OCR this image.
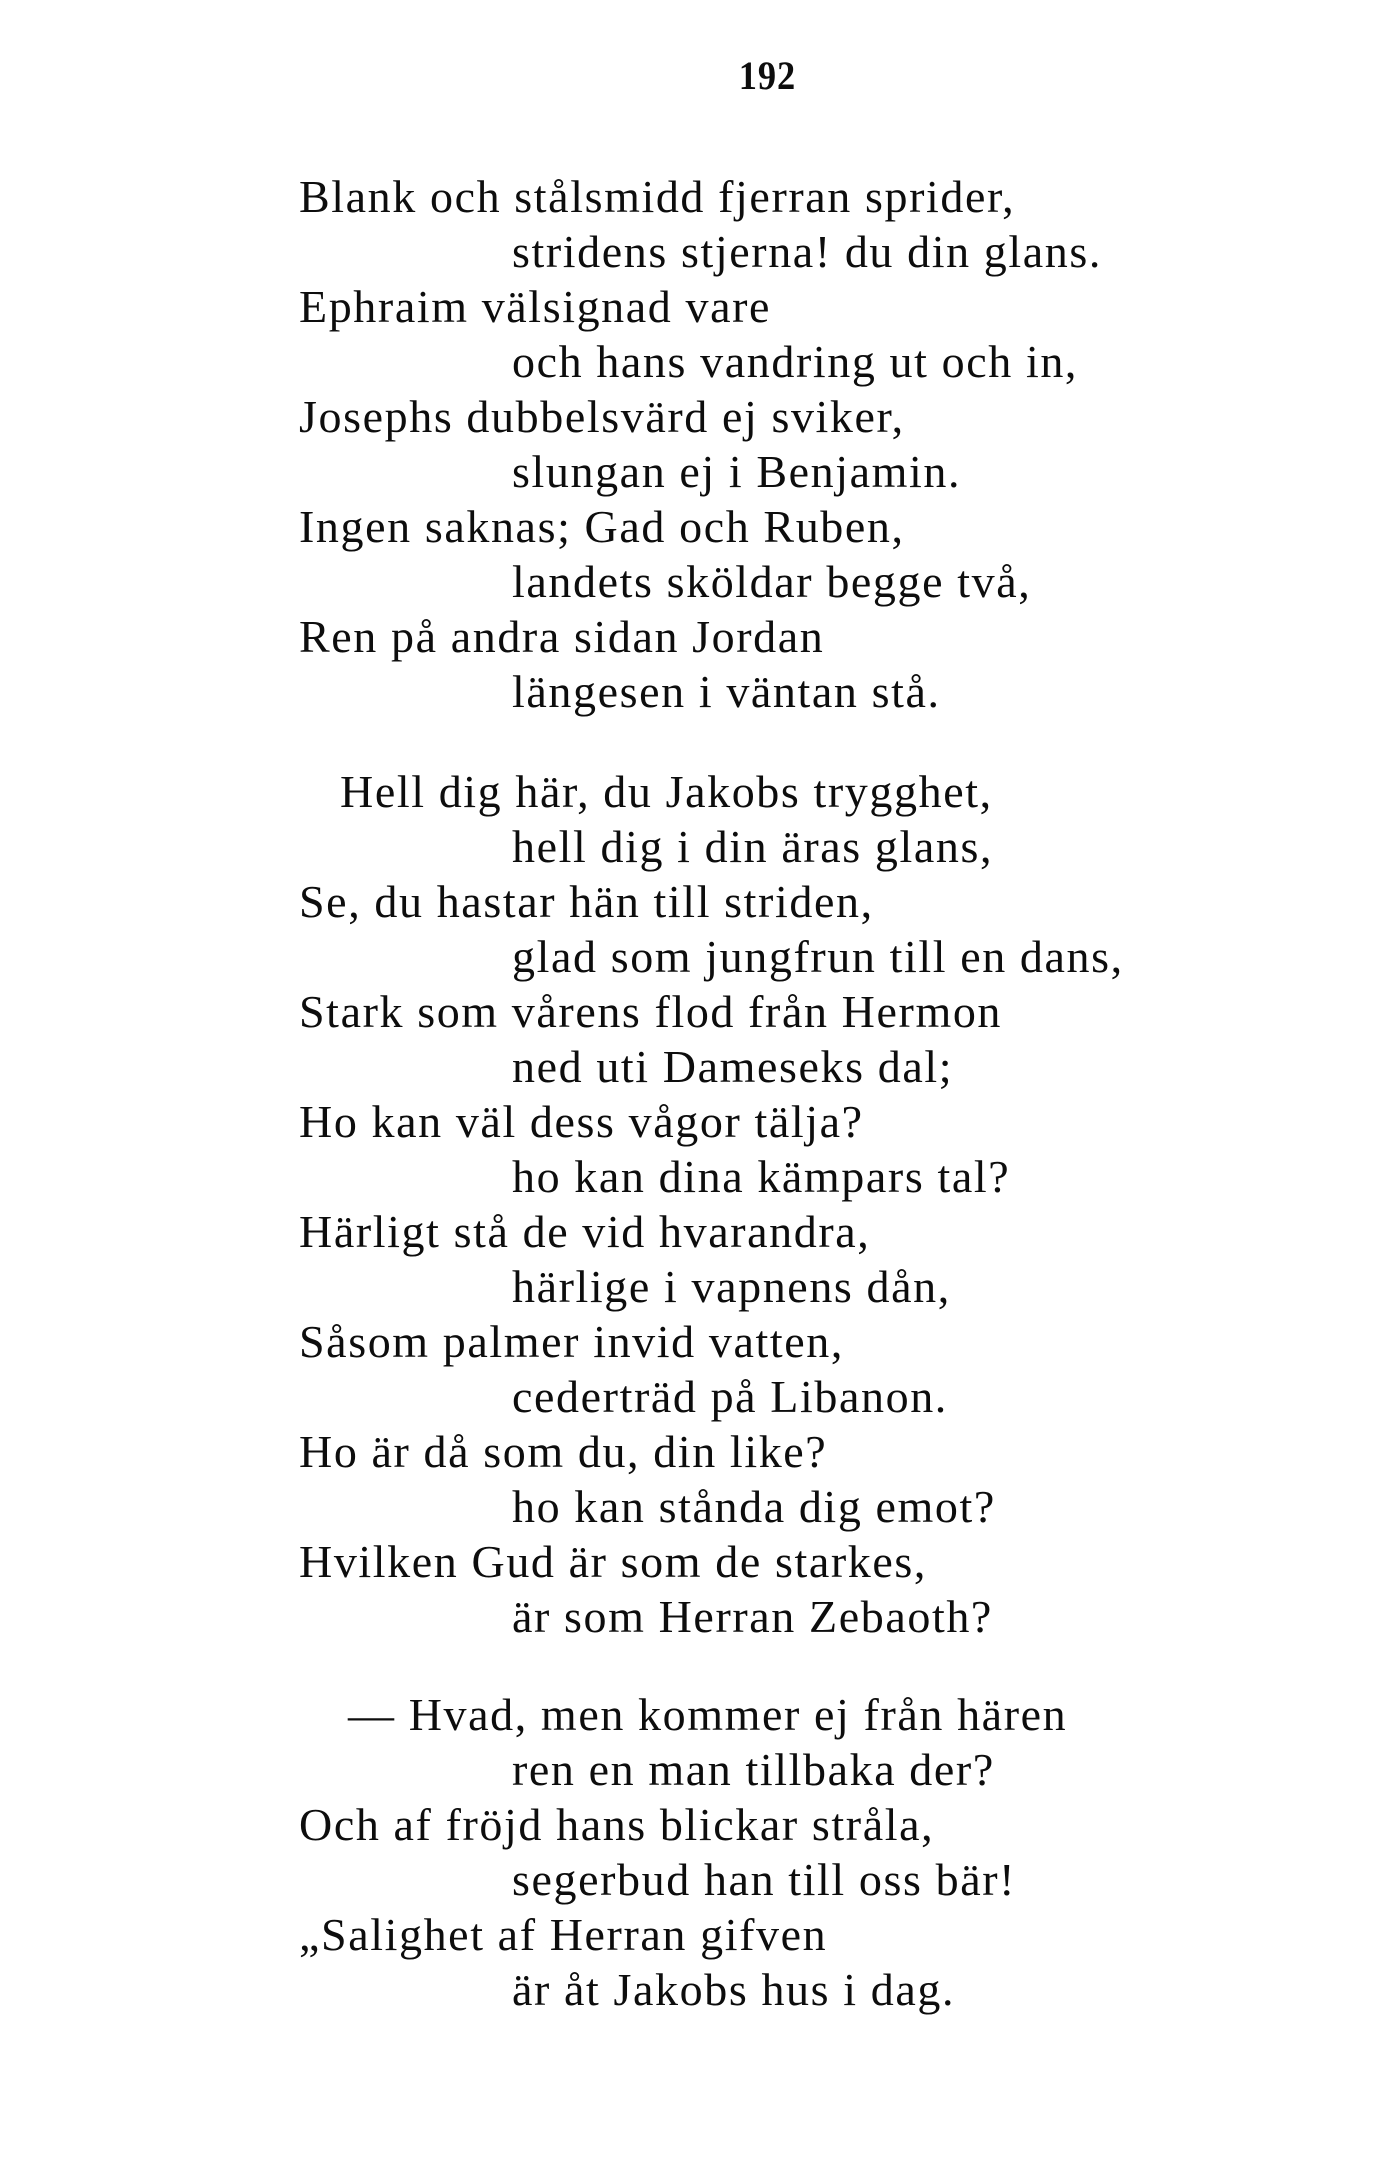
192
Blank och stålsmidd fjerran sprider,
stridens stjerna! du din glans.
Ephraim välsignad vare
och hans vandring ut och in,
Josephs dubbelsvärd ej sviker,
slungan ej i Benjamin.
Ingen saknas; Gad och Ruben,
landets sköldar begge två,
Ren på andra sidan Jordan
längesen i väntan stå.
Hell dig här, du Jakobs trygghet,
hell dig i din äras glans,
Se, du hastar hän till striden,
glad som jungfrun till en dans,
Stark som vårens flod från Hermon
ned uti Dameseks dal;
Ho kan väl dess vågor tälja?
ho kan dina kämpars tal?
Härligt stå de vid hvarandra,
härlige i vapnens dån,
Såsom palmer invid vatten,
cederträd på Libanon.
Ho är då som du, din like?
ho kan stånda dig emot?
Hvilken Gud är som de starkes,
är som Herran Zebaoth?
— Hvad, men kommer ej från hären
ren en man tillbaka der?
Och af fröjd hans blickar stråla,
segerbud han till oss bär!
„Salighet af Herran gifven
är åt Jakobs hus i dag.
